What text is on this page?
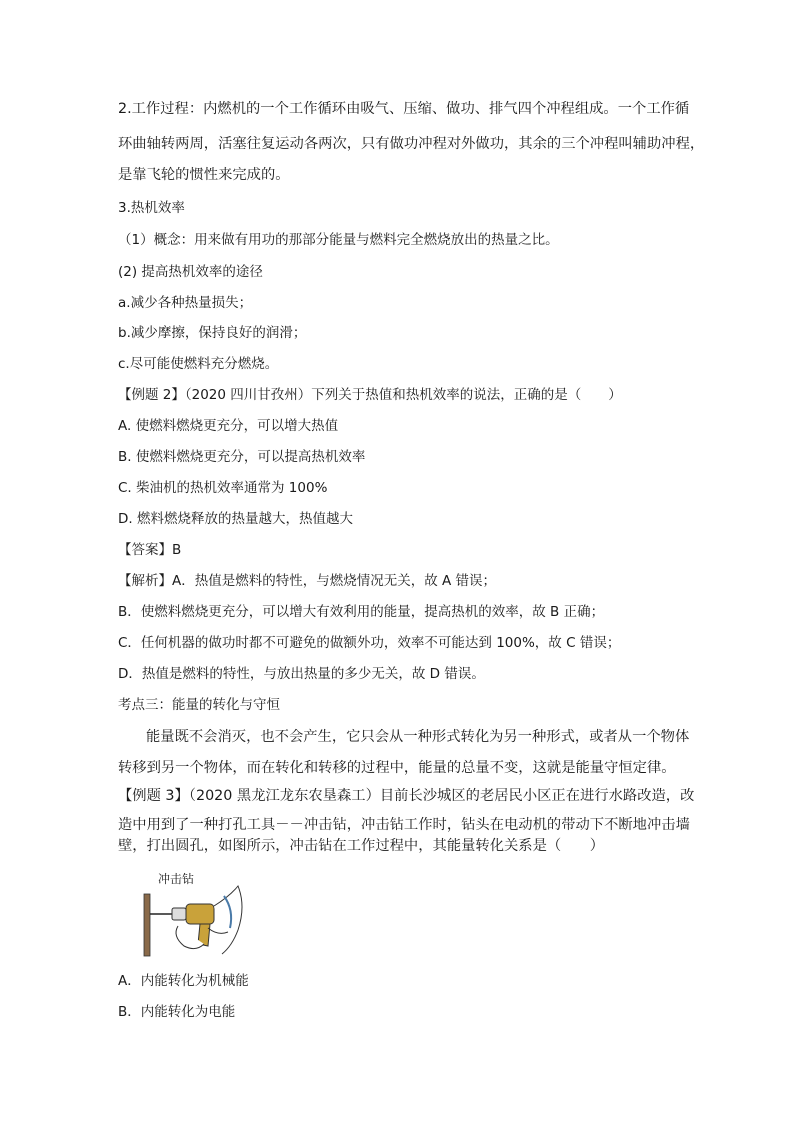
2.工作过程：内燃机的一个工作循环由吸气、压缩、做功、排气四个冲程组成。一个工作循
环曲轴转两周，活塞往复运动各两次，只有做功冲程对外做功，其余的三个冲程叫辅助冲程，
是靠飞轮的惯性来完成的。
3.热机效率
（1）概念：用来做有用功的那部分能量与燃料完全燃烧放出的热量之比。
(2) 提高热机效率的途径
a.减少各种热量损失；
b.减少摩擦，保持良好的润滑；
c.尽可能使燃料充分燃烧。
【例题 2】（2020 四川甘孜州）下列关于热值和热机效率的说法，正确的是（　　）
A. 使燃料燃烧更充分，可以增大热值
B. 使燃料燃烧更充分，可以提高热机效率
C. 柴油机的热机效率通常为 100%
D. 燃料燃烧释放的热量越大，热值越大
【答案】B
【解析】A．热值是燃料的特性，与燃烧情况无关，故 A 错误；
B．使燃料燃烧更充分，可以增大有效利用的能量，提高热机的效率，故 B 正确；
C．任何机器的做功时都不可避免的做额外功，效率不可能达到 100%，故 C 错误；
D．热值是燃料的特性，与放出热量的多少无关，故 D 错误。
考点三：能量的转化与守恒
能量既不会消灭，也不会产生，它只会从一种形式转化为另一种形式，或者从一个物体
转移到另一个物体，而在转化和转移的过程中，能量的总量不变，这就是能量守恒定律。
【例题 3】（2020 黑龙江龙东农垦森工）目前长沙城区的老居民小区正在进行水路改造，改
造中用到了一种打孔工具－－冲击钻，冲击钻工作时，钻头在电动机的带动下不断地冲击墙
壁，打出圆孔，如图所示，冲击钻在工作过程中，其能量转化关系是（　　）
冲击钻
A．内能转化为机械能
B．内能转化为电能
